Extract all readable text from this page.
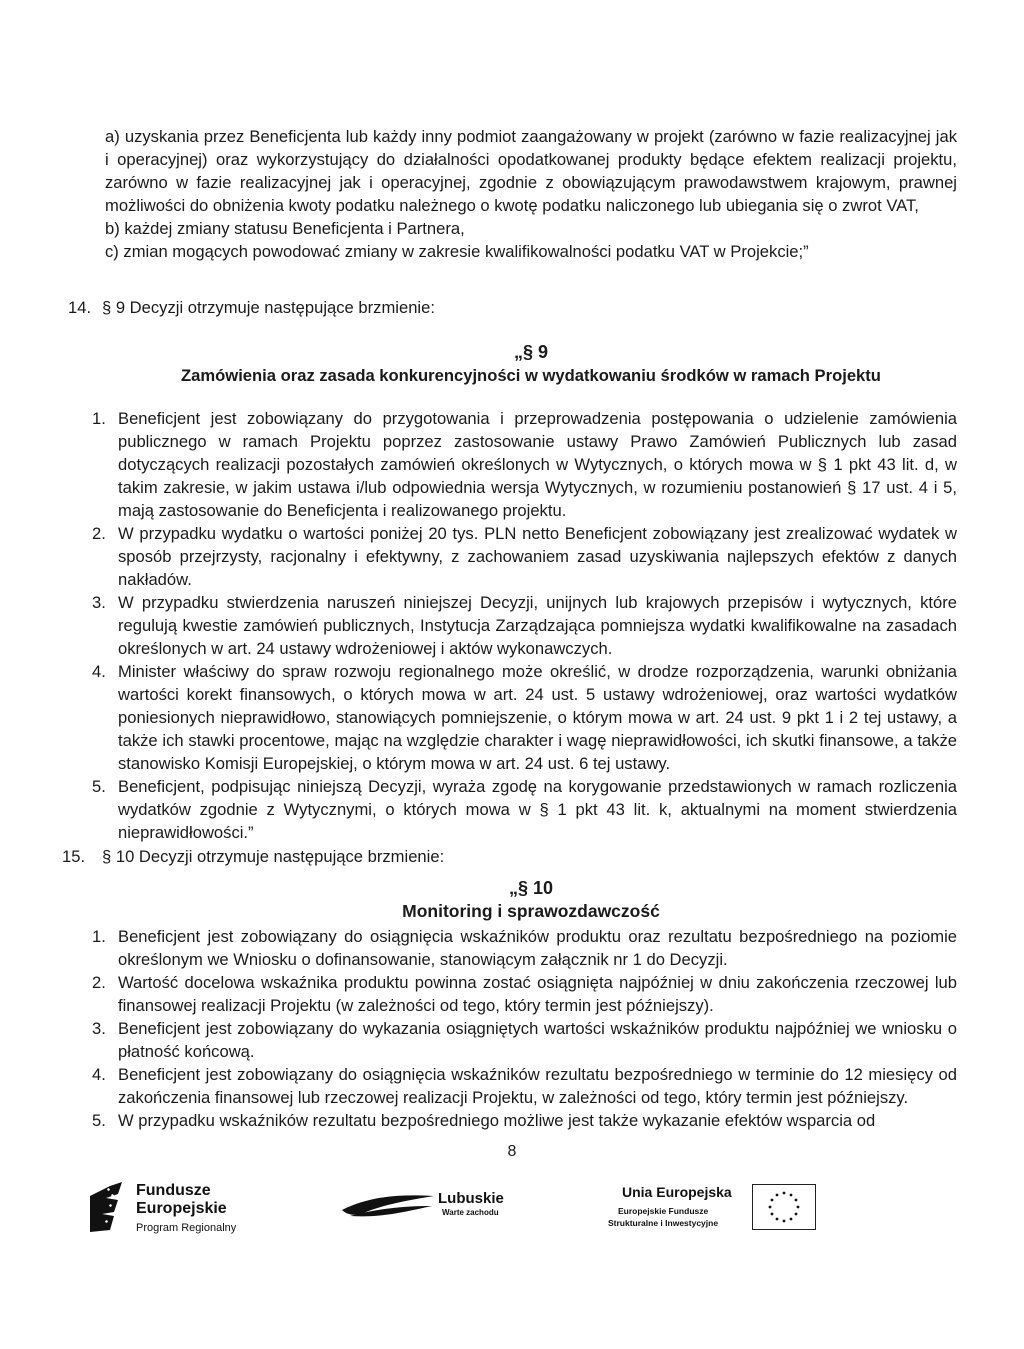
a) uzyskania przez Beneficjenta lub każdy inny podmiot zaangażowany w projekt (zarówno w fazie realizacyjnej jak i operacyjnej) oraz wykorzystujący do działalności opodatkowanej produkty będące efektem realizacji projektu, zarówno w fazie realizacyjnej jak i operacyjnej, zgodnie z obowiązującym prawodawstwem krajowym, prawnej możliwości do obniżenia kwoty podatku należnego o kwotę podatku naliczonego lub ubiegania się o zwrot VAT,

b) każdej zmiany statusu Beneficjenta i Partnera,

c) zmian mogących powodować zmiany w zakresie kwalifikowalności podatku VAT w Projekcie;”

14. § 9 Decyzji otrzymuje następujące brzmienie:
„§ 9
Zamówienia oraz zasada konkurencyjności w wydatkowaniu środków w ramach Projektu
1. Beneficjent jest zobowiązany do przygotowania i przeprowadzenia postępowania o udzielenie zamówienia publicznego w ramach Projektu poprzez zastosowanie ustawy Prawo Zamówień Publicznych lub zasad dotyczących realizacji pozostałych zamówień określonych w Wytycznych, o których mowa w § 1 pkt 43 lit. d, w takim zakresie, w jakim ustawa i/lub odpowiednia wersja Wytycznych, w rozumieniu postanowień § 17 ust. 4 i 5, mają zastosowanie do Beneficjenta i realizowanego projektu.
2. W przypadku wydatku o wartości poniżej 20 tys. PLN netto Beneficjent zobowiązany jest zrealizować wydatek w sposób przejrzysty, racjonalny i efektywny, z zachowaniem zasad uzyskiwania najlepszych efektów z danych nakładów.
3. W przypadku stwierdzenia naruszeń niniejszej Decyzji, unijnych lub krajowych przepisów i wytycznych, które regulują kwestie zamówień publicznych, Instytucja Zarządzająca pomniejsza wydatki kwalifikowalne na zasadach określonych w art. 24 ustawy wdrożeniowej i aktów wykonawczych.
4. Minister właściwy do spraw rozwoju regionalnego może określić, w drodze rozporządzenia, warunki obniżania wartości korekt finansowych, o których mowa w art. 24 ust. 5 ustawy wdrożeniowej, oraz wartości wydatków poniesionych nieprawidłowo, stanowiących pomniejszenie, o którym mowa w art. 24 ust. 9 pkt 1 i 2 tej ustawy, a także ich stawki procentowe, mając na względzie charakter i wagę nieprawidłowości, ich skutki finansowe, a także stanowisko Komisji Europejskiej, o którym mowa w art. 24 ust. 6 tej ustawy.
5. Beneficjent, podpisując niniejszą Decyzji, wyraża zgodę na korygowanie przedstawionych w ramach rozliczenia wydatków zgodnie z Wytycznymi, o których mowa w § 1 pkt 43 lit. k, aktualnymi na moment stwierdzenia nieprawidłowości.”
15. § 10 Decyzji otrzymuje następujące brzmienie:
„§ 10
Monitoring i sprawozdawczość
1. Beneficjent jest zobowiązany do osiągnięcia wskaźników produktu oraz rezultatu bezpośredniego na poziomie określonym we Wniosku o dofinansowanie, stanowiącym załącznik nr 1 do Decyzji.
2. Wartość docelowa wskaźnika produktu powinna zostać osiągnięta najpóźniej w dniu zakończenia rzeczowej lub finansowej realizacji Projektu (w zależności od tego, który termin jest późniejszy).
3. Beneficjent jest zobowiązany do wykazania osiągniętych wartości wskaźników produktu najpóźniej we wniosku o płatność końcową.
4. Beneficjent jest zobowiązany do osiągnięcia wskaźników rezultatu bezpośredniego w terminie do 12 miesięcy od zakończenia finansowej lub rzeczowej realizacji Projektu, w zależności od tego, który termin jest późniejszy.
5. W przypadku wskaźników rezultatu bezpośredniego możliwe jest także wykazanie efektów wsparcia od
8
Fundusze
Europejskie
Program Regionalny
Lubuskie
Warte zachodu
Unia Europejska
Europejskie Fundusze
Strukturalne i Inwestycyjne
